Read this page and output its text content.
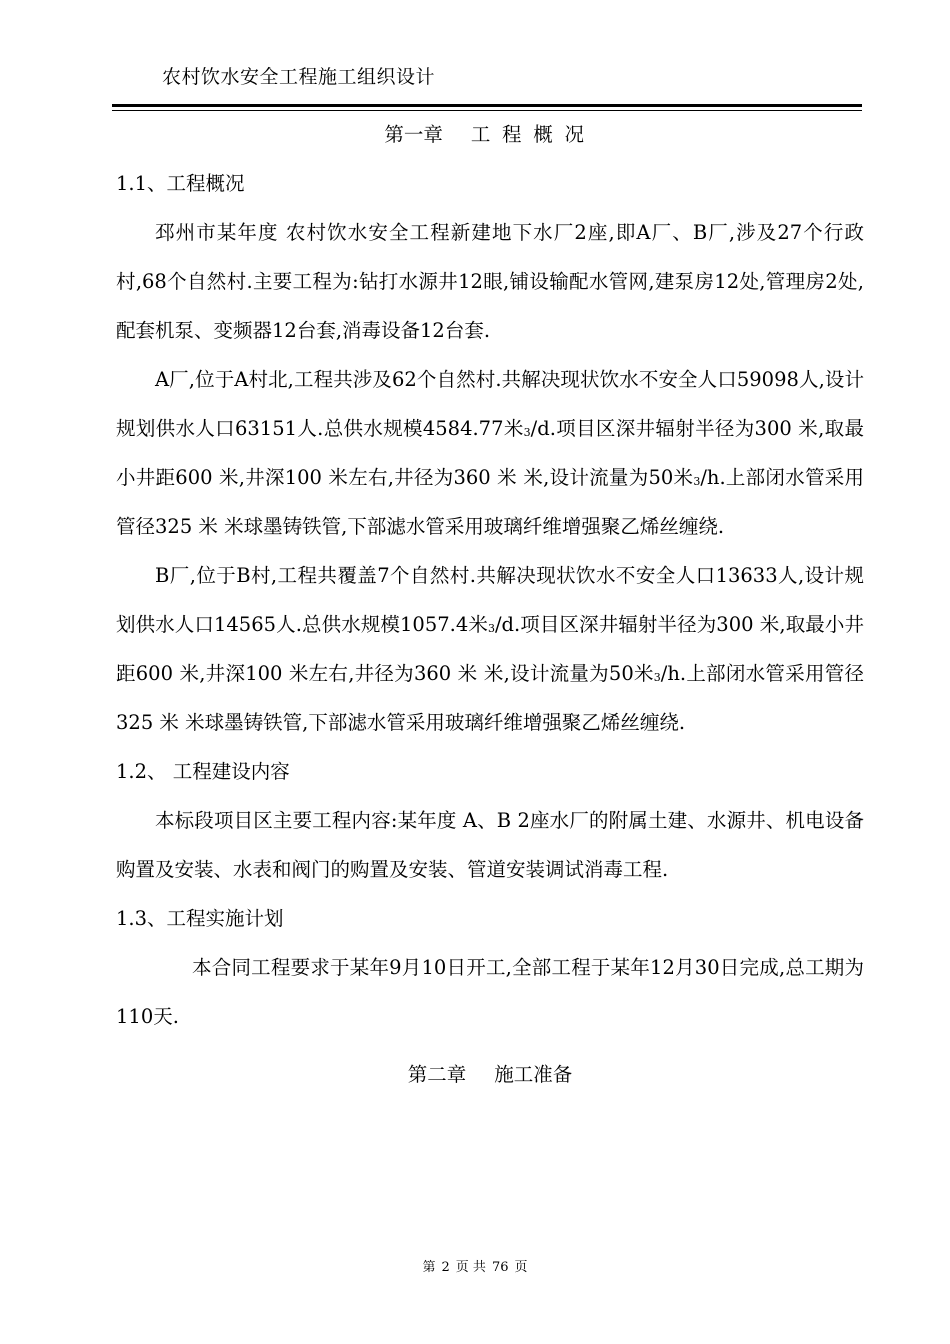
农村饮水安全工程施工组织设计
第一章 工程概况
1.1、工程概况

邳州市某年度 农村饮水安全工程新建地下水厂2座,即A厂、B厂,涉及27个行政村,68个自然村.主要工程为:钻打水源井12眼,铺设输配水管网,建泵房12处,管理房2处,配套机泵、变频器12台套,消毒设备12台套.

A厂,位于A村北,工程共涉及62个自然村.共解决现状饮水不安全人口59098人,设计规划供水人口63151人.总供水规模4584.77米$_3$/d.项目区深井辐射半径为300 米,取最小井距600 米,井深100 米左右,井径为360 米 米,设计流量为50米$_3$/h.上部闭水管采用管径325 米 米球墨铸铁管,下部滤水管采用玻璃纤维增强聚乙烯丝缠绕.

B厂,位于B村,工程共覆盖7个自然村.共解决现状饮水不安全人口13633人,设计规划供水人口14565人.总供水规模1057.4米$_3$/d.项目区深井辐射半径为300 米,取最小井距600 米,井深100 米左右,井径为360 米 米,设计流量为50米$_3$/h.上部闭水管采用管径325 米 米球墨铸铁管,下部滤水管采用玻璃纤维增强聚乙烯丝缠绕.

1.2、 工程建设内容

本标段项目区主要工程内容:某年度 A、B 2座水厂的附属土建、水源井、机电设备购置及安装、水表和阀门的购置及安装、管道安装调试消毒工程.

1.3、工程实施计划

本合同工程要求于某年9月10日开工,全部工程于某年12月30日完成,总工期为110天.

第二章 施工准备
第 2 页 共 76 页
